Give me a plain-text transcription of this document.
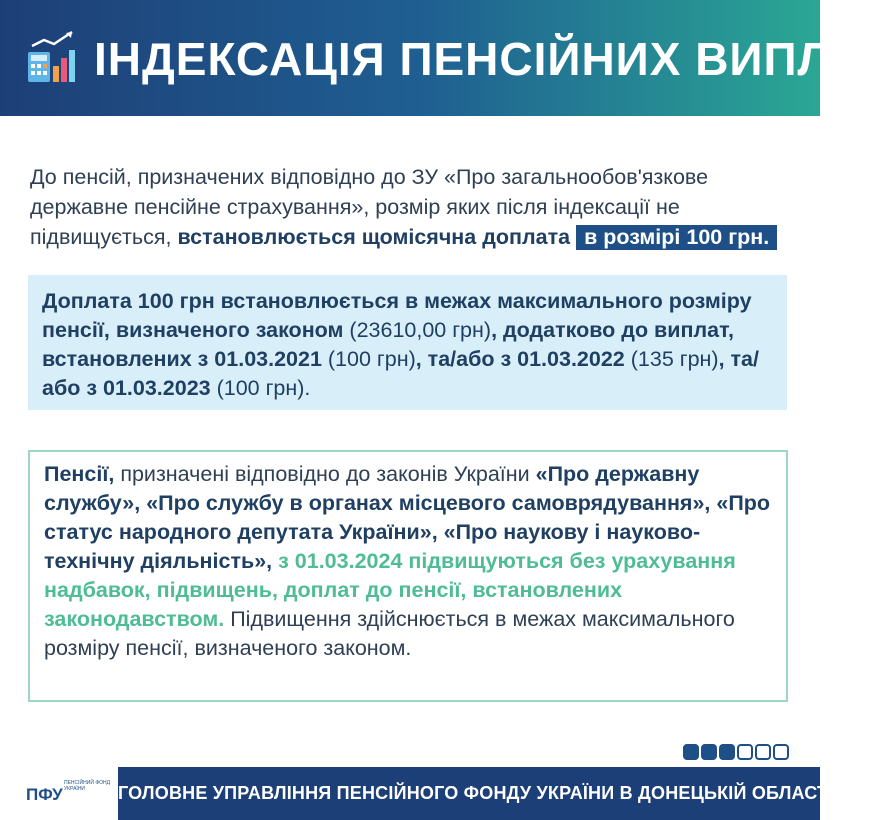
ІНДЕКСАЦІЯ ПЕНСІЙНИХ ВИПЛАТ
До пенсій, призначених відповідно до ЗУ «Про загальнообов'язкове державне пенсійне страхування», розмір яких після індексації не підвищується, встановлюється щомісячна доплата в розмірі 100 грн.
Доплата 100 грн встановлюється в межах максимального розміру пенсії, визначеного законом (23610,00 грн), додатково до виплат, встановлених з 01.03.2021 (100 грн), та/або з 01.03.2022 (135 грн), та/або з 01.03.2023 (100 грн).
Пенсії, призначені відповідно до законів України «Про державну службу», «Про службу в органах місцевого самоврядування», «Про статус народного депутата України», «Про наукову і науково-технічну діяльність», з 01.03.2024 підвищуються без урахування надбавок, підвищень, доплат до пенсії, встановлених законодавством. Підвищення здійснюється в межах максимального розміру пенсії, визначеного законом.
ПФУ
ПЕНСІЙНИЙ ФОНД УКРАЇНИ	ГОЛОВНЕ УПРАВЛІННЯ ПЕНСІЙНОГО ФОНДУ УКРАЇНИ В ДОНЕЦЬКІЙ ОБЛАСТІ
